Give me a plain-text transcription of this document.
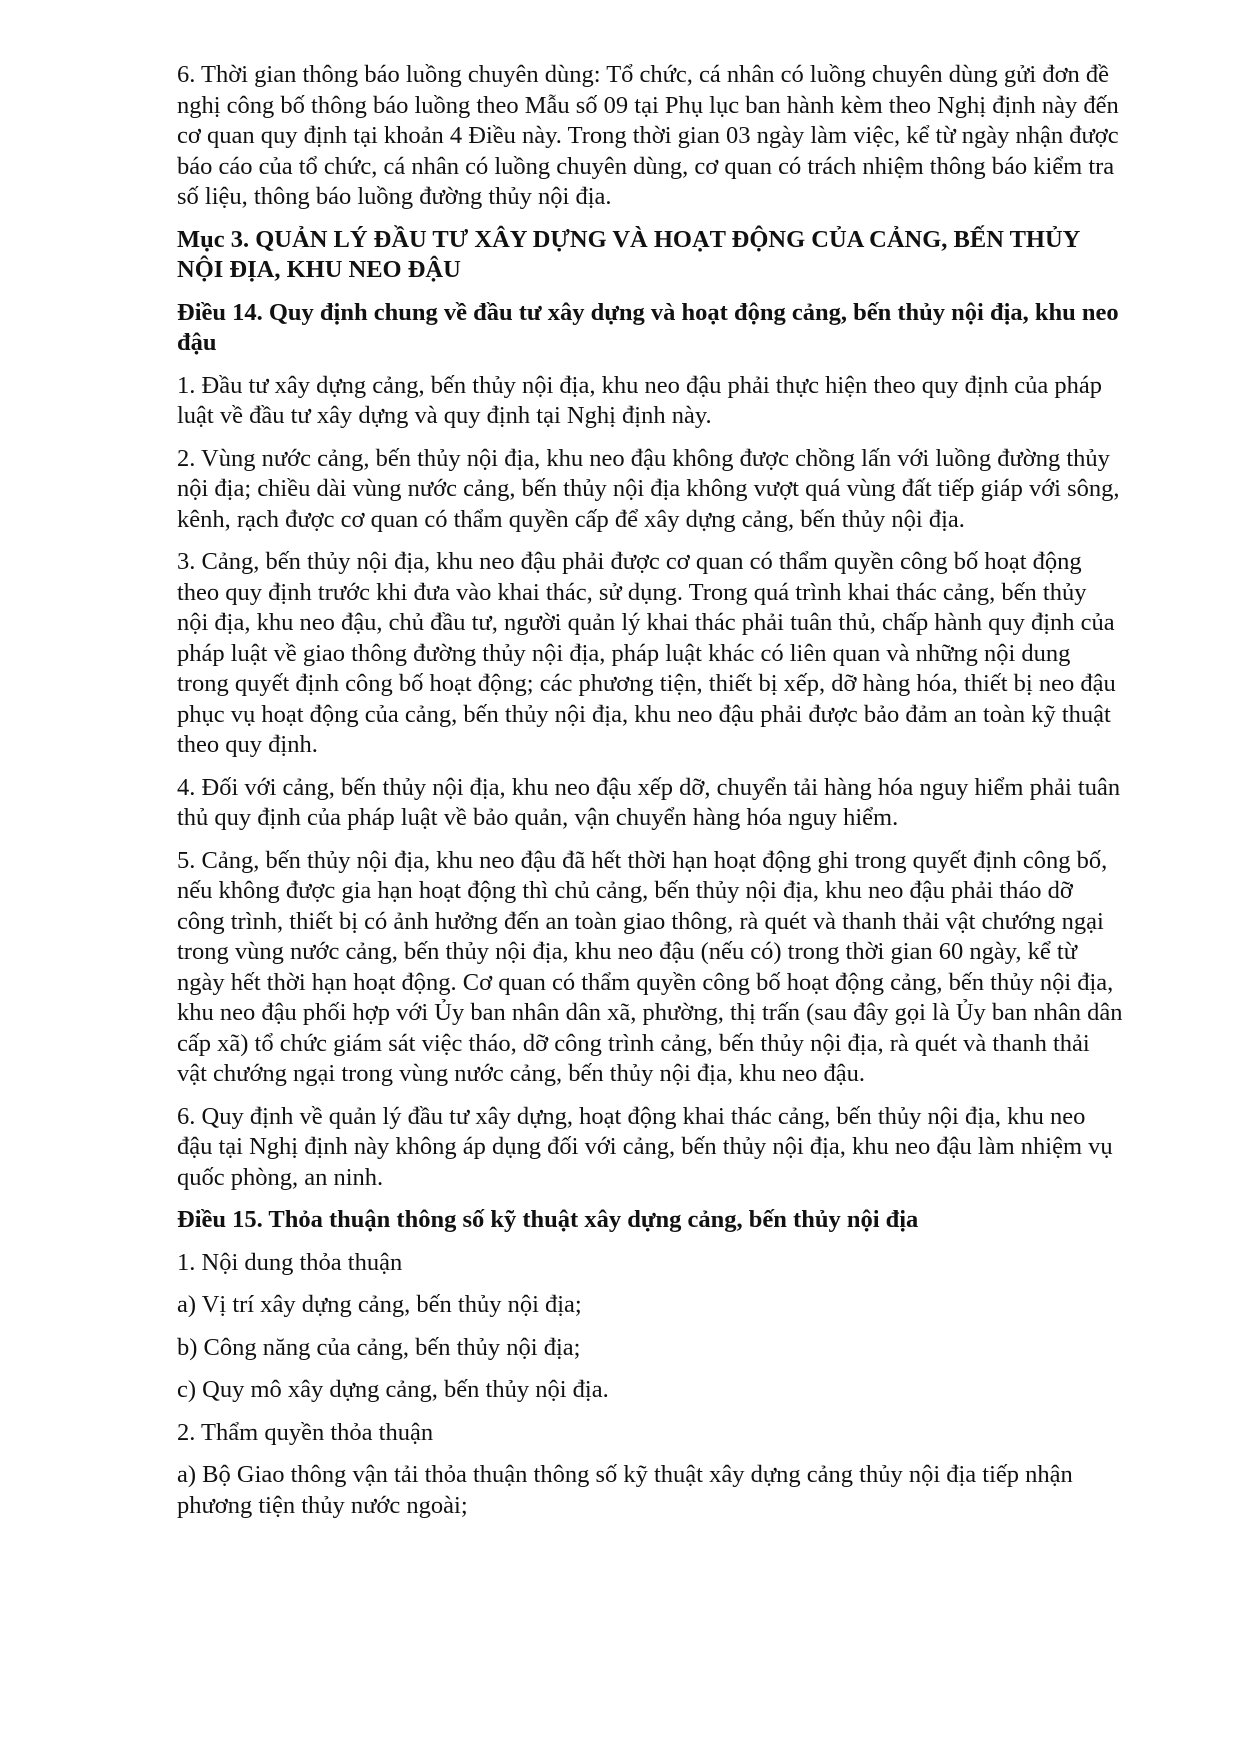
6. Thời gian thông báo luồng chuyên dùng: Tổ chức, cá nhân có luồng chuyên dùng gửi đơn đề nghị công bố thông báo luồng theo Mẫu số 09 tại Phụ lục ban hành kèm theo Nghị định này đến cơ quan quy định tại khoản 4 Điều này. Trong thời gian 03 ngày làm việc, kể từ ngày nhận được báo cáo của tổ chức, cá nhân có luồng chuyên dùng, cơ quan có trách nhiệm thông báo kiểm tra số liệu, thông báo luồng đường thủy nội địa.

Mục 3. QUẢN LÝ ĐẦU TƯ XÂY DỰNG VÀ HOẠT ĐỘNG CỦA CẢNG, BẾN THỦY NỘI ĐỊA, KHU NEO ĐẬU
Điều 14. Quy định chung về đầu tư xây dựng và hoạt động cảng, bến thủy nội địa, khu neo đậu

1. Đầu tư xây dựng cảng, bến thủy nội địa, khu neo đậu phải thực hiện theo quy định của pháp luật về đầu tư xây dựng và quy định tại Nghị định này.

2. Vùng nước cảng, bến thủy nội địa, khu neo đậu không được chồng lấn với luồng đường thủy nội địa; chiều dài vùng nước cảng, bến thủy nội địa không vượt quá vùng đất tiếp giáp với sông, kênh, rạch được cơ quan có thẩm quyền cấp để xây dựng cảng, bến thủy nội địa.

3. Cảng, bến thủy nội địa, khu neo đậu phải được cơ quan có thẩm quyền công bố hoạt động theo quy định trước khi đưa vào khai thác, sử dụng. Trong quá trình khai thác cảng, bến thủy nội địa, khu neo đậu, chủ đầu tư, người quản lý khai thác phải tuân thủ, chấp hành quy định của pháp luật về giao thông đường thủy nội địa, pháp luật khác có liên quan và những nội dung trong quyết định công bố hoạt động; các phương tiện, thiết bị xếp, dỡ hàng hóa, thiết bị neo đậu phục vụ hoạt động của cảng, bến thủy nội địa, khu neo đậu phải được bảo đảm an toàn kỹ thuật theo quy định.

4. Đối với cảng, bến thủy nội địa, khu neo đậu xếp dỡ, chuyển tải hàng hóa nguy hiểm phải tuân thủ quy định của pháp luật về bảo quản, vận chuyển hàng hóa nguy hiểm.

5. Cảng, bến thủy nội địa, khu neo đậu đã hết thời hạn hoạt động ghi trong quyết định công bố, nếu không được gia hạn hoạt động thì chủ cảng, bến thủy nội địa, khu neo đậu phải tháo dỡ công trình, thiết bị có ảnh hưởng đến an toàn giao thông, rà quét và thanh thải vật chướng ngại trong vùng nước cảng, bến thủy nội địa, khu neo đậu (nếu có) trong thời gian 60 ngày, kể từ ngày hết thời hạn hoạt động. Cơ quan có thẩm quyền công bố hoạt động cảng, bến thủy nội địa, khu neo đậu phối hợp với Ủy ban nhân dân xã, phường, thị trấn (sau đây gọi là Ủy ban nhân dân cấp xã) tổ chức giám sát việc tháo, dỡ công trình cảng, bến thủy nội địa, rà quét và thanh thải vật chướng ngại trong vùng nước cảng, bến thủy nội địa, khu neo đậu.

6. Quy định về quản lý đầu tư xây dựng, hoạt động khai thác cảng, bến thủy nội địa, khu neo đậu tại Nghị định này không áp dụng đối với cảng, bến thủy nội địa, khu neo đậu làm nhiệm vụ quốc phòng, an ninh.

Điều 15. Thỏa thuận thông số kỹ thuật xây dựng cảng, bến thủy nội địa

1. Nội dung thỏa thuận

a) Vị trí xây dựng cảng, bến thủy nội địa;

b) Công năng của cảng, bến thủy nội địa;

c) Quy mô xây dựng cảng, bến thủy nội địa.

2. Thẩm quyền thỏa thuận

a) Bộ Giao thông vận tải thỏa thuận thông số kỹ thuật xây dựng cảng thủy nội địa tiếp nhận phương tiện thủy nước ngoài;
